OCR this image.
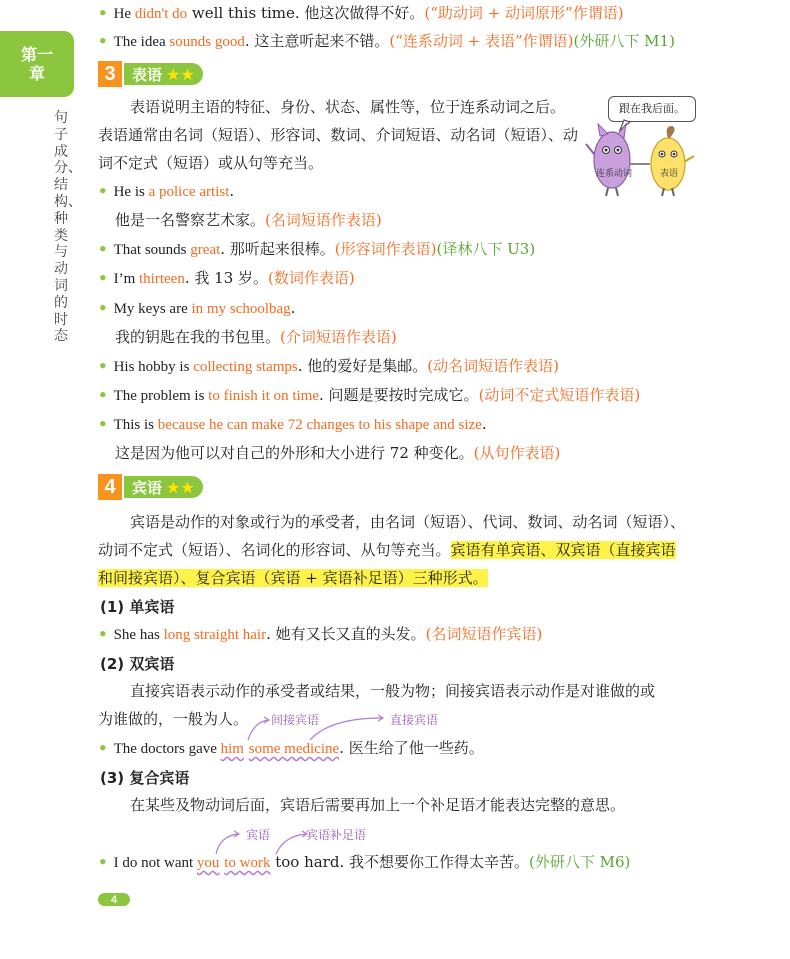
第一
章
句子成分、结构、种类与动词的时态
• He didn't do well this time. 他这次做得不好。(“助动词 + 动词原形”作谓语)
• The idea sounds good. 这主意听起来不错。(“连系动词 + 表语”作谓语)(外研八下 M1)
3	表语 ★★
表语说明主语的特征、身份、状态、属性等，位于连系动词之后。
表语通常由名词（短语）、形容词、数词、介词短语、动名词（短语）、动
词不定式（短语）或从句等充当。
跟在我后面。
连系动词	表语
• He is a police artist.
他是一名警察艺术家。(名词短语作表语)
• That sounds great. 那听起来很棒。(形容词作表语)(译林八下 U3)
• I’m thirteen. 我 13 岁。(数词作表语)
• My keys are in my schoolbag.
我的钥匙在我的书包里。(介词短语作表语)
• His hobby is collecting stamps. 他的爱好是集邮。(动名词短语作表语)
• The problem is to finish it on time. 问题是要按时完成它。(动词不定式短语作表语)
• This is because he can make 72 changes to his shape and size.
这是因为他可以对自己的外形和大小进行 72 种变化。(从句作表语)
4	宾语 ★★
宾语是动作的对象或行为的承受者，由名词（短语）、代词、数词、动名词（短语）、
动词不定式（短语）、名词化的形容词、从句等充当。宾语有单宾语、双宾语（直接宾语
和间接宾语）、复合宾语（宾语 + 宾语补足语）三种形式。
(1) 单宾语
• She has long straight hair. 她有又长又直的头发。(名词短语作宾语)
(2) 双宾语
直接宾语表示动作的承受者或结果，一般为物；间接宾语表示动作是对谁做的或
为谁做的，一般为人。 间接宾语	直接宾语
• The doctors gave him some medicine. 医生给了他一些药。
(3) 复合宾语
在某些及物动词后面，宾语后需要再加上一个补足语才能表达完整的意思。
宾语	宾语补足语
• I do not want you to work too hard. 我不想要你工作得太辛苦。(外研八下 M6)
4
